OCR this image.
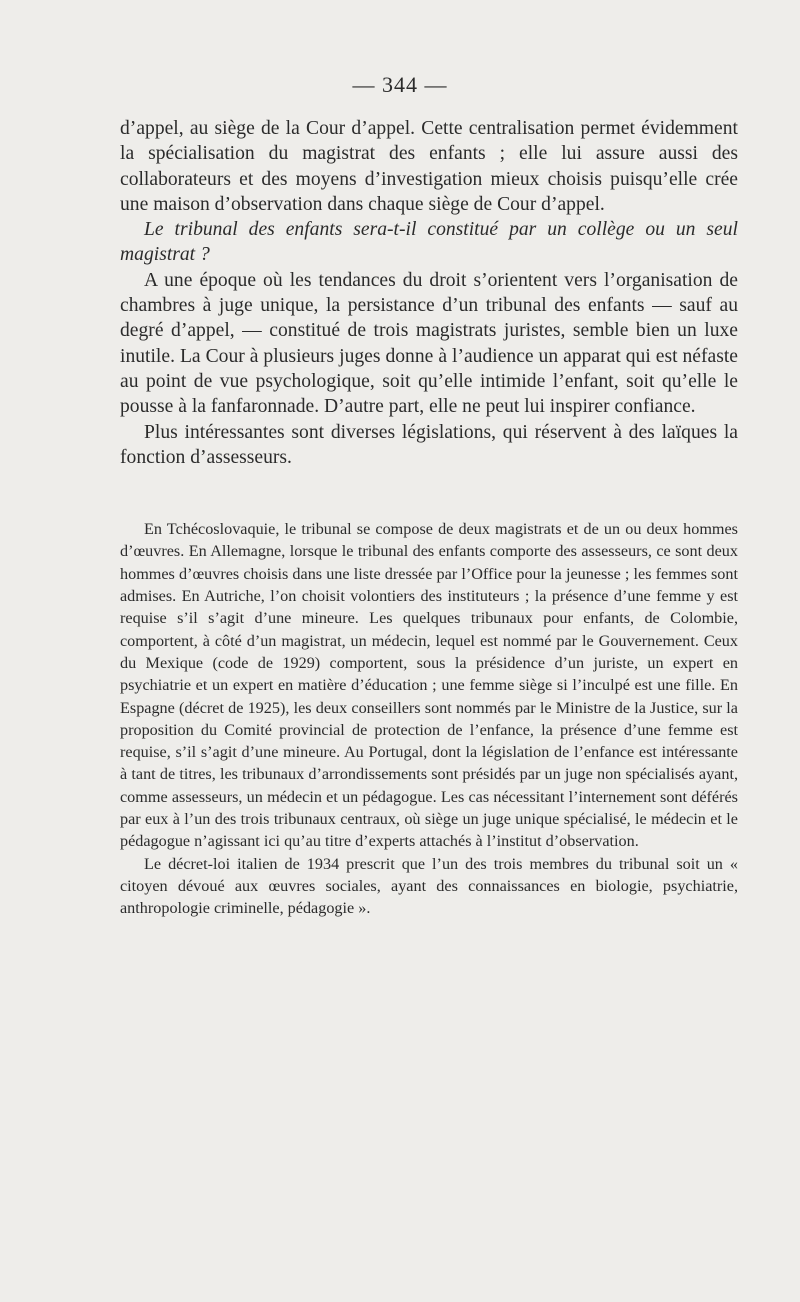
— 344 —

d’appel, au siège de la Cour d’appel. Cette centralisation permet évidemment la spécialisation du magistrat des enfants ; elle lui assure aussi des collaborateurs et des moyens d’investigation mieux choisis puisqu’elle crée une maison d’observation dans chaque siège de Cour d’appel.

Le tribunal des enfants sera-t-il constitué par un collège ou un seul magistrat ?

A une époque où les tendances du droit s’orientent vers l’organisation de chambres à juge unique, la persistance d’un tribunal des enfants — sauf au degré d’appel, — constitué de trois magistrats juristes, semble bien un luxe inutile. La Cour à plusieurs juges donne à l’audience un apparat qui est néfaste au point de vue psychologique, soit qu’elle intimide l’enfant, soit qu’elle le pousse à la fanfaronnade. D’autre part, elle ne peut lui inspirer confiance.

Plus intéressantes sont diverses législations, qui réservent à des laïques la fonction d’assesseurs.

En Tchécoslovaquie, le tribunal se compose de deux magistrats et de un ou deux hommes d’œuvres. En Allemagne, lorsque le tribunal des enfants comporte des assesseurs, ce sont deux hommes d’œuvres choisis dans une liste dressée par l’Office pour la jeunesse ; les femmes sont admises. En Autriche, l’on choisit volontiers des instituteurs ; la présence d’une femme y est requise s’il s’agit d’une mineure. Les quelques tribunaux pour enfants, de Colombie, comportent, à côté d’un magistrat, un médecin, lequel est nommé par le Gouvernement. Ceux du Mexique (code de 1929) comportent, sous la présidence d’un juriste, un expert en psychiatrie et un expert en matière d’éducation ; une femme siège si l’inculpé est une fille. En Espagne (décret de 1925), les deux conseillers sont nommés par le Ministre de la Justice, sur la proposition du Comité provincial de protection de l’enfance, la présence d’une femme est requise, s’il s’agit d’une mineure. Au Portugal, dont la législation de l’enfance est intéressante à tant de titres, les tribunaux d’arrondissements sont présidés par un juge non spécialisés ayant, comme assesseurs, un médecin et un pédagogue. Les cas nécessitant l’internement sont déférés par eux à l’un des trois tribunaux centraux, où siège un juge unique spécialisé, le médecin et le pédagogue n’agissant ici qu’au titre d’experts attachés à l’institut d’observation.

Le décret-loi italien de 1934 prescrit que l’un des trois membres du tribunal soit un « citoyen dévoué aux œuvres sociales, ayant des connaissances en biologie, psychiatrie, anthropologie criminelle, pédagogie ».
